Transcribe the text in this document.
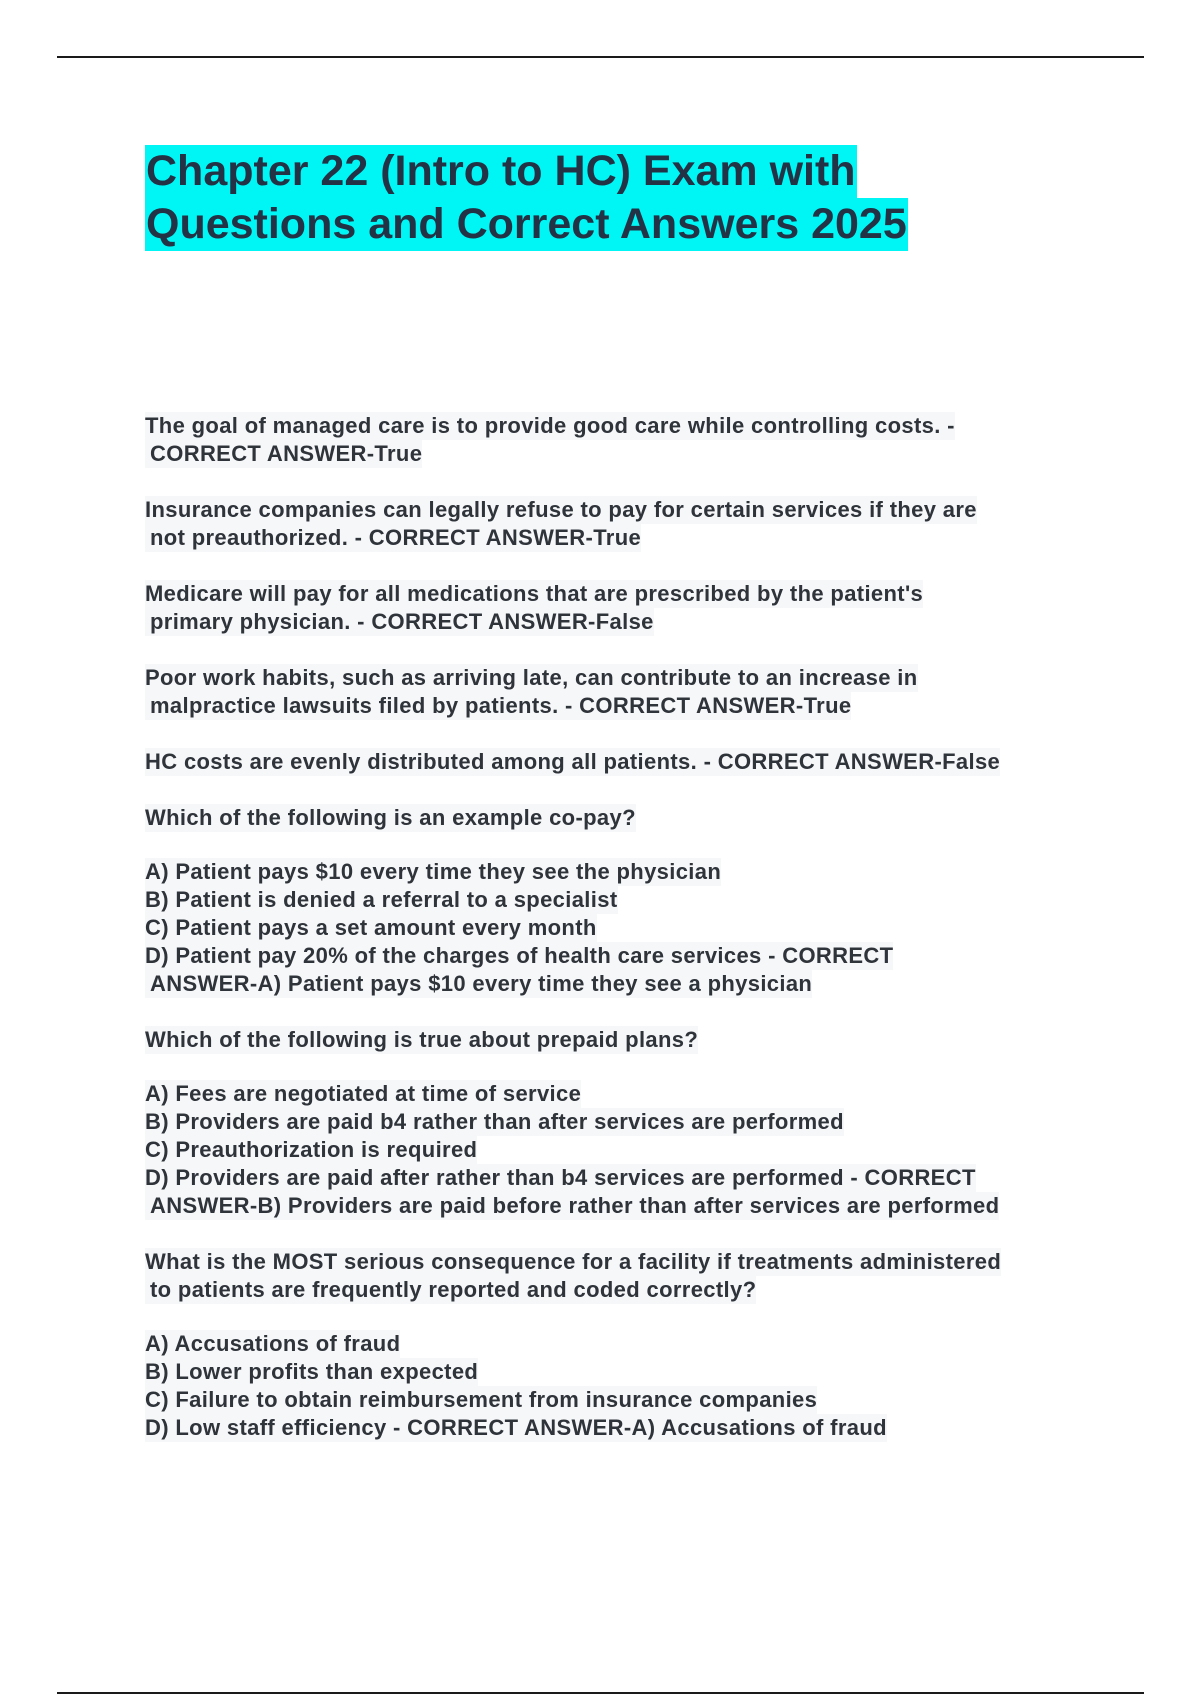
Chapter 22 (Intro to HC) Exam with
Questions and Correct Answers 2025
The goal of managed care is to provide good care while controlling costs. -
CORRECT ANSWER-True
Insurance companies can legally refuse to pay for certain services if they are
not preauthorized. - CORRECT ANSWER-True
Medicare will pay for all medications that are prescribed by the patient's
primary physician. - CORRECT ANSWER-False
Poor work habits, such as arriving late, can contribute to an increase in
malpractice lawsuits filed by patients. - CORRECT ANSWER-True
HC costs are evenly distributed among all patients. - CORRECT ANSWER-False
Which of the following is an example co-pay?
A) Patient pays $10 every time they see the physician
B) Patient is denied a referral to a specialist
C) Patient pays a set amount every month
D) Patient pay 20% of the charges of health care services - CORRECT
ANSWER-A) Patient pays $10 every time they see a physician
Which of the following is true about prepaid plans?
A) Fees are negotiated at time of service
B) Providers are paid b4 rather than after services are performed
C) Preauthorization is required
D) Providers are paid after rather than b4 services are performed - CORRECT
ANSWER-B) Providers are paid before rather than after services are performed
What is the MOST serious consequence for a facility if treatments administered
to patients are frequently reported and coded correctly?
A) Accusations of fraud
B) Lower profits than expected
C) Failure to obtain reimbursement from insurance companies
D) Low staff efficiency - CORRECT ANSWER-A) Accusations of fraud
